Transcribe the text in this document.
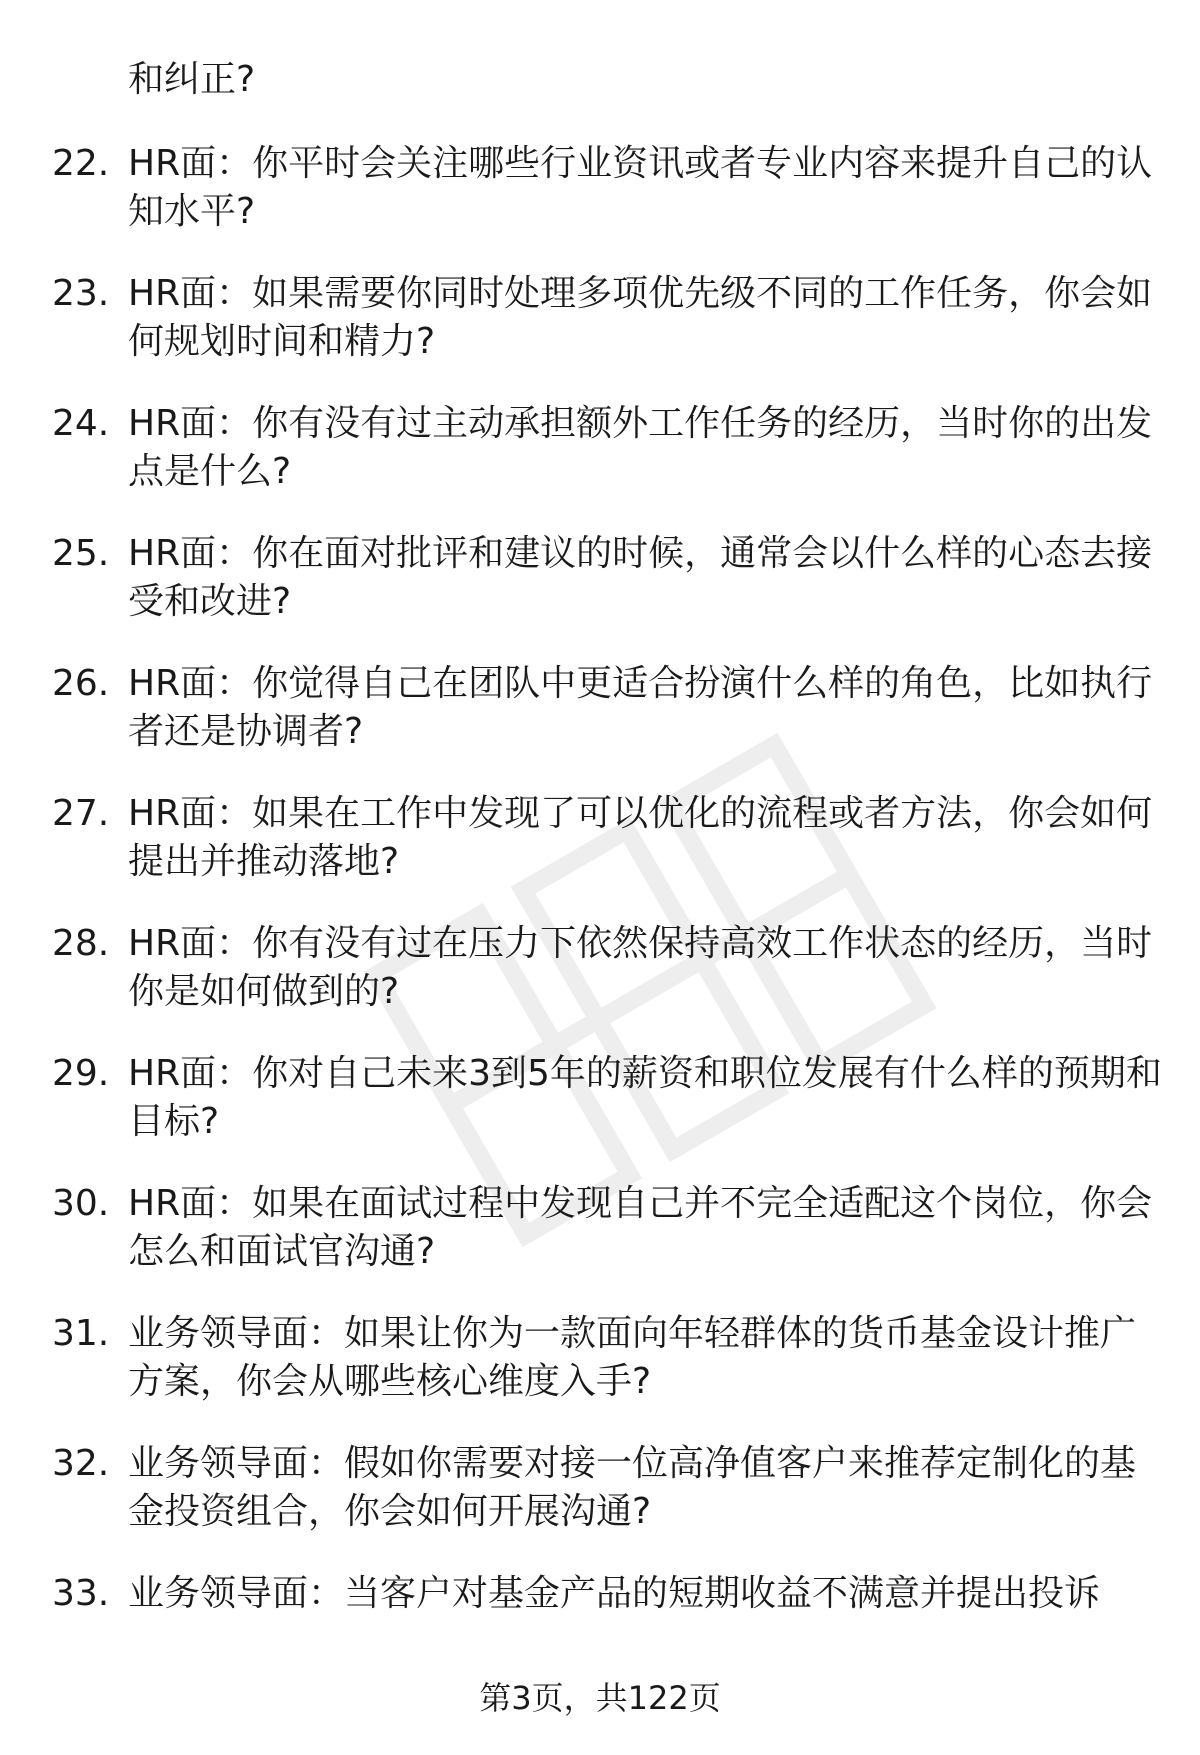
和纠正?
22. HR面：你平时会关注哪些行业资讯或者专业内容来提升自己的认知水平?
23. HR面：如果需要你同时处理多项优先级不同的工作任务，你会如何规划时间和精力?
24. HR面：你有没有过主动承担额外工作任务的经历，当时你的出发点是什么?
25. HR面：你在面对批评和建议的时候，通常会以什么样的心态去接受和改进?
26. HR面：你觉得自己在团队中更适合扮演什么样的角色，比如执行者还是协调者?
27. HR面：如果在工作中发现了可以优化的流程或者方法，你会如何提出并推动落地?
28. HR面：你有没有过在压力下依然保持高效工作状态的经历，当时你是如何做到的?
29. HR面：你对自己未来3到5年的薪资和职位发展有什么样的预期和目标?
30. HR面：如果在面试过程中发现自己并不完全适配这个岗位，你会怎么和面试官沟通?
31. 业务领导面：如果让你为一款面向年轻群体的货币基金设计推广方案，你会从哪些核心维度入手?
32. 业务领导面：假如你需要对接一位高净值客户来推荐定制化的基金投资组合，你会如何开展沟通?
33. 业务领导面：当客户对基金产品的短期收益不满意并提出投诉
第3页，共122页
